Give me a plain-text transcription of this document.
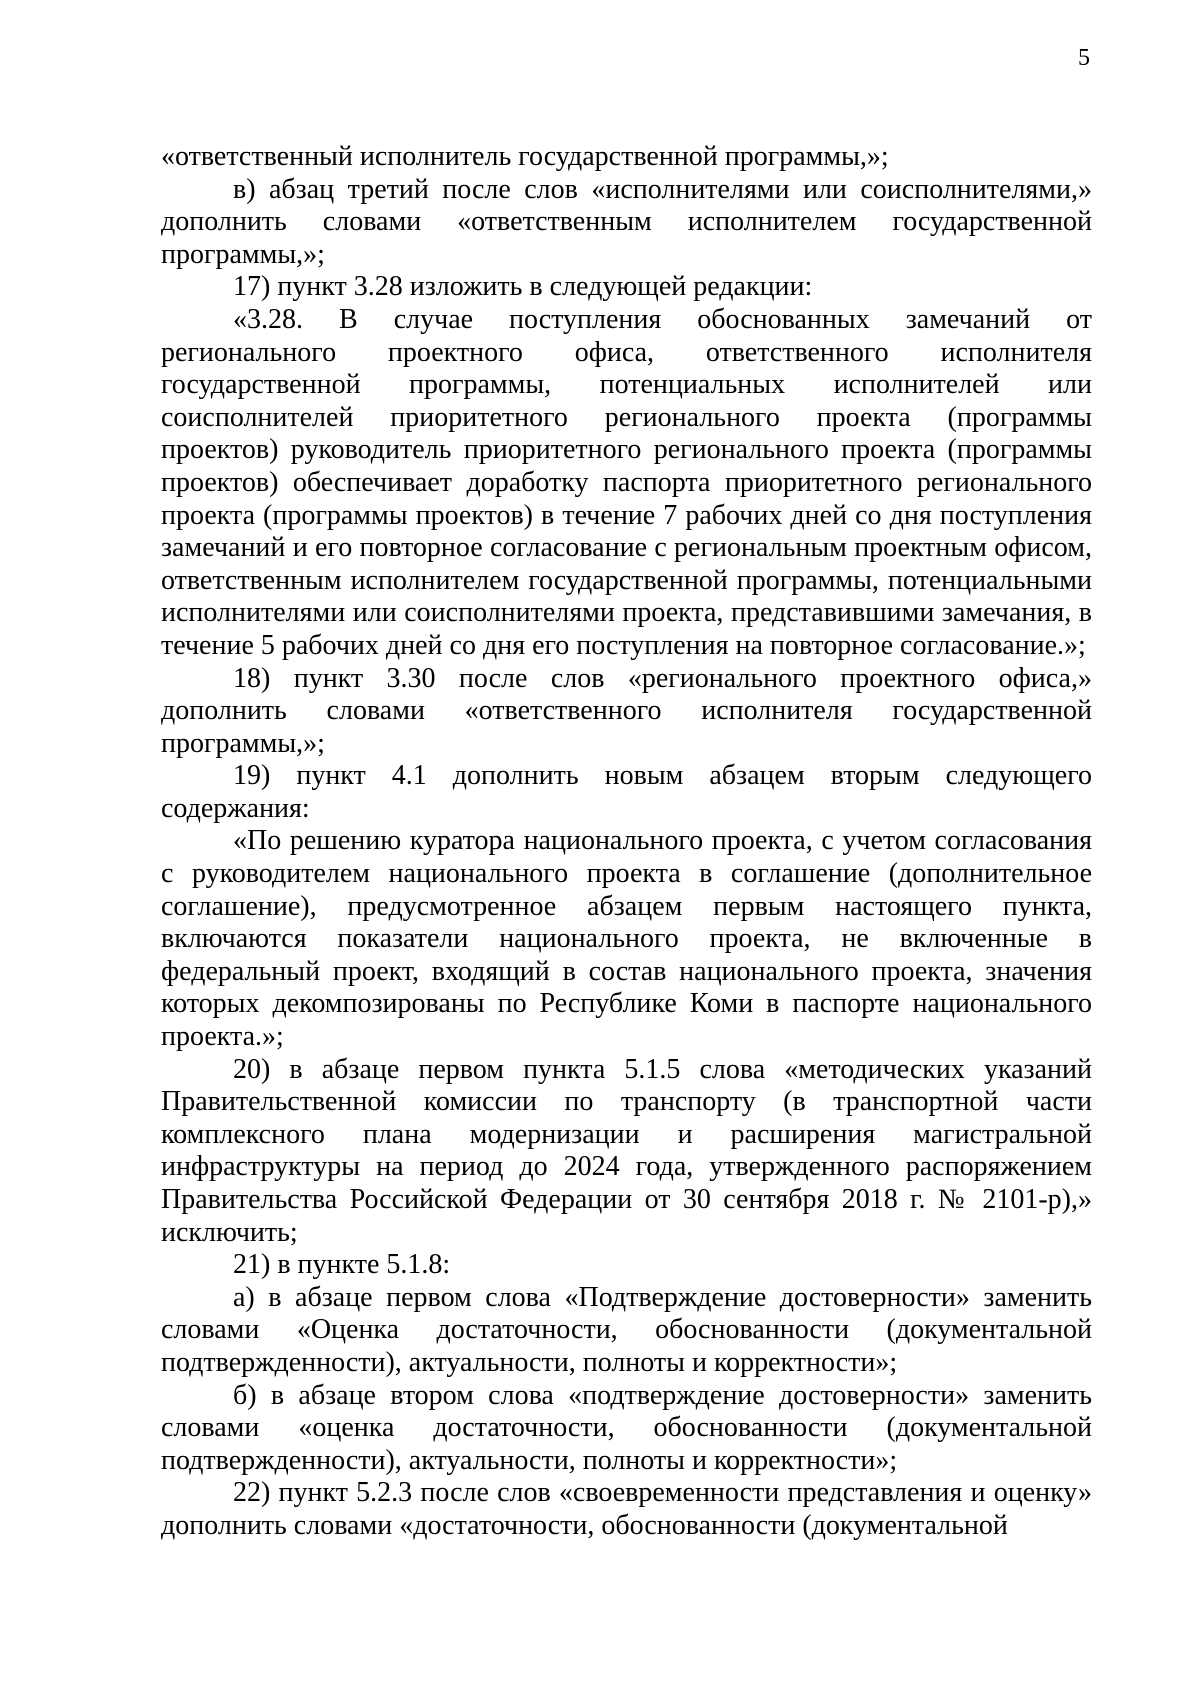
5

«ответственный исполнитель государственной программы,»;

в) абзац третий после слов «исполнителями или соисполнителями,» дополнить словами «ответственным исполнителем государственной программы,»;

17) пункт 3.28 изложить в следующей редакции:

«3.28. В случае поступления обоснованных замечаний от регионального проектного офиса, ответственного исполнителя государственной программы, потенциальных исполнителей или соисполнителей приоритетного регионального проекта (программы проектов) руководитель приоритетного регионального проекта (программы проектов) обеспечивает доработку паспорта приоритетного регионального проекта (программы проектов) в течение 7 рабочих дней со дня поступления замечаний и его повторное согласование с региональным проектным офисом, ответственным исполнителем государственной программы, потенциальными исполнителями или соисполнителями проекта, представившими замечания, в течение 5 рабочих дней со дня его поступления на повторное согласование.»;

18) пункт 3.30 после слов «регионального проектного офиса,» дополнить словами «ответственного исполнителя государственной программы,»;

19) пункт 4.1 дополнить новым абзацем вторым следующего содержания:

«По решению куратора национального проекта, с учетом согласования с руководителем национального проекта в соглашение (дополнительное соглашение), предусмотренное абзацем первым настоящего пункта, включаются показатели национального проекта, не включенные в федеральный проект, входящий в состав национального проекта, значения которых декомпозированы по Республике Коми в паспорте национального проекта.»;

20) в абзаце первом пункта 5.1.5 слова «методических указаний Правительственной комиссии по транспорту (в транспортной части комплексного плана модернизации и расширения магистральной инфраструктуры на период до 2024 года, утвержденного распоряжением Правительства Российской Федерации от 30 сентября 2018 г. № 2101-р),» исключить;

21) в пункте 5.1.8:

а) в абзаце первом слова «Подтверждение достоверности» заменить словами «Оценка достаточности, обоснованности (документальной подтвержденности), актуальности, полноты и корректности»;

б) в абзаце втором слова «подтверждение достоверности» заменить словами «оценка достаточности, обоснованности (документальной подтвержденности), актуальности, полноты и корректности»;

22) пункт 5.2.3 после слов «своевременности представления и оценку» дополнить словами «достаточности, обоснованности (документальной
